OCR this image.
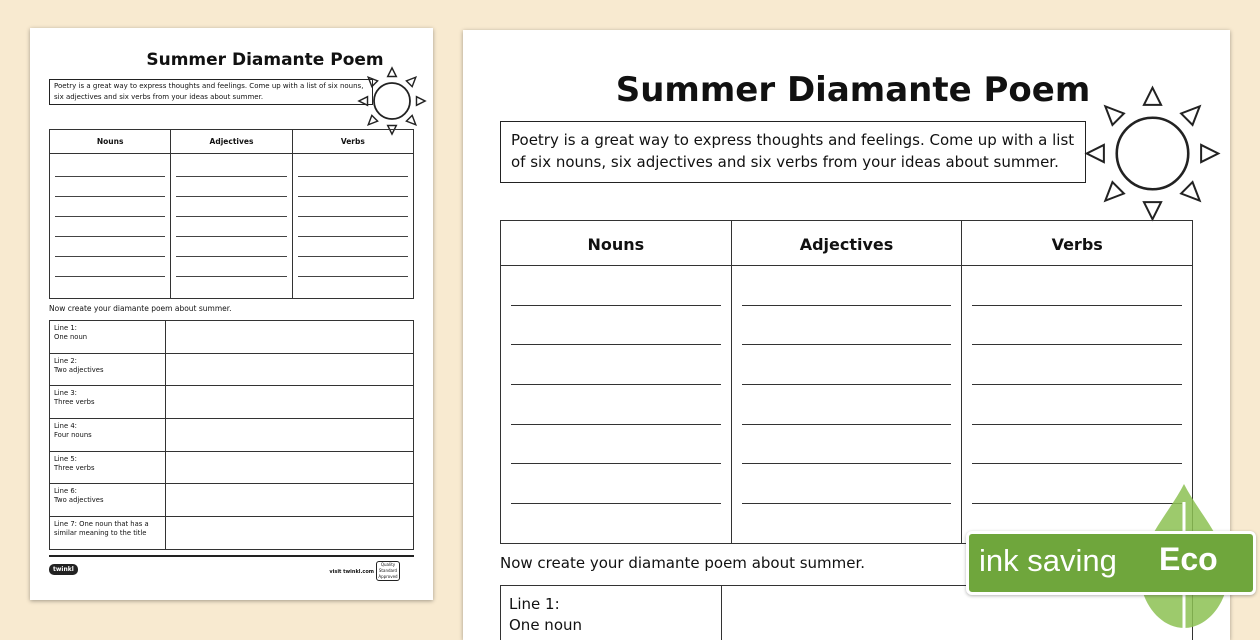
Summer Diamante Poem
Poetry is a great way to express thoughts and feelings. Come up with a list of six nouns, six adjectives and six verbs from your ideas about summer.
Nouns	Adjectives	Verbs
Now create your diamante poem about summer.
Line 1:
One noun
Line 2:
Two adjectives
Line 3:
Three verbs
Line 4:
Four nouns
Line 5:
Three verbs
Line 6:
Two adjectives
Line 7: One noun that has a
similar meaning to the title
twinkl	visit twinkl.com
Quality Standard Approved
Summer Diamante Poem
Poetry is a great way to express thoughts and feelings. Come up with a list of six nouns, six adjectives and six verbs from your ideas about summer.
Nouns	Adjectives	Verbs
Now create your diamante poem about summer.
Line 1:
One noun
ink saving Eco
